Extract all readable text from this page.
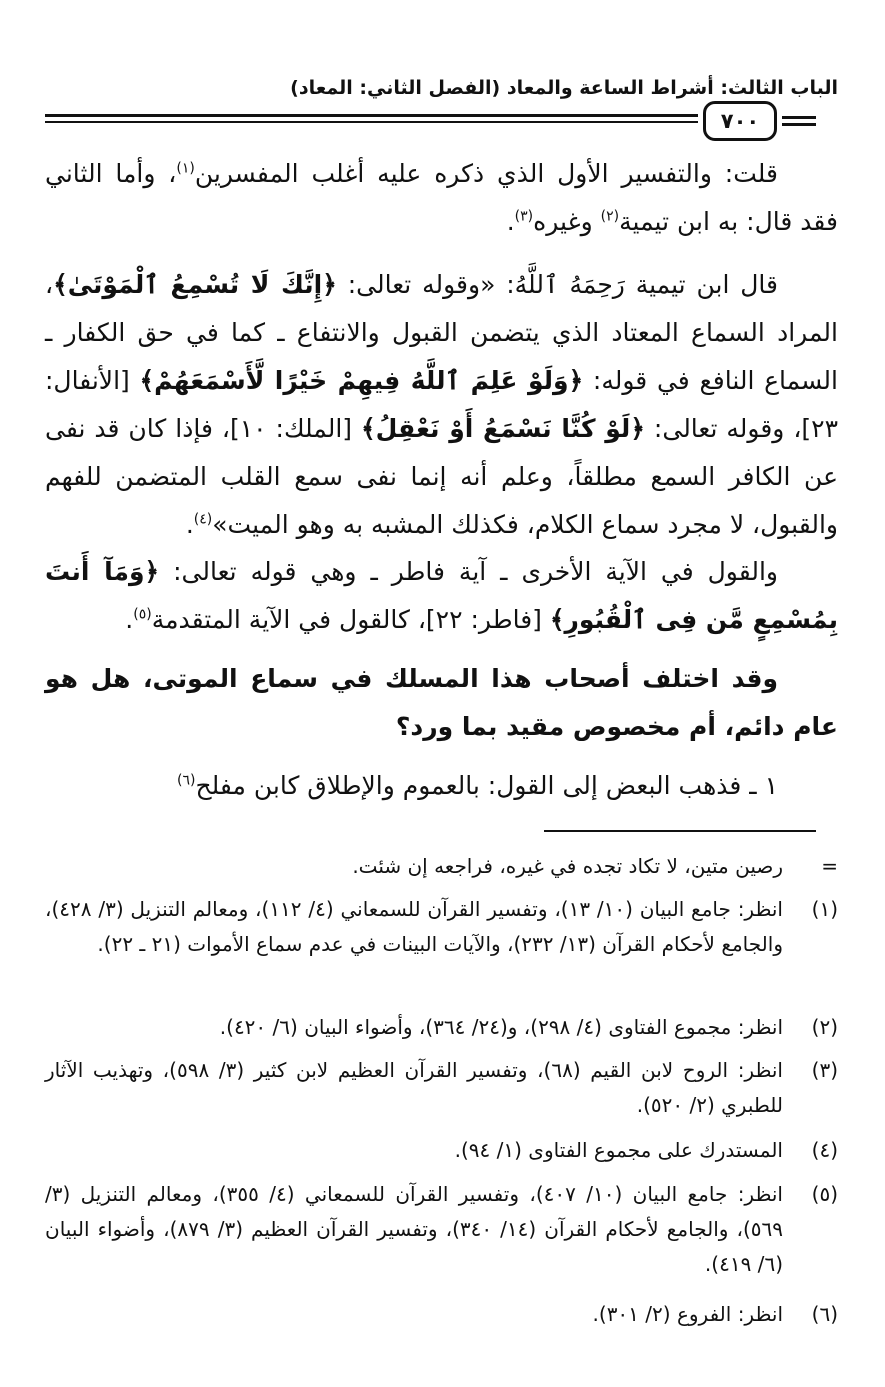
الباب الثالث: أشراط الساعة والمعاد (الفصل الثاني: المعاد)
٧٠٠
قلت: والتفسير الأول الذي ذكره عليه أغلب المفسرين$^{(١)}$، وأما الثاني فقد قال: به ابن تيمية$^{(٢)}$ وغيره$^{(٣)}$.
قال ابن تيمية رَحِمَهُ ٱللَّهُ: «وقوله تعالى: ﴿إِنَّكَ لَا تُسْمِعُ ٱلْمَوْتَىٰ﴾، المراد السماع المعتاد الذي يتضمن القبول والانتفاع ـ كما في حق الكفار ـ السماع النافع في قوله: ﴿وَلَوْ عَلِمَ ٱللَّهُ فِيهِمْ خَيْرًا لَّأَسْمَعَهُمْ﴾ [الأنفال: ٢٣]، وقوله تعالى: ﴿لَوْ كُنَّا نَسْمَعُ أَوْ نَعْقِلُ﴾ [الملك: ١٠]، فإذا كان قد نفى عن الكافر السمع مطلقاً، وعلم أنه إنما نفى سمع القلب المتضمن للفهم والقبول، لا مجرد سماع الكلام، فكذلك المشبه به وهو الميت»$^{(٤)}$.
والقول في الآية الأخرى ـ آية فاطر ـ وهي قوله تعالى: ﴿وَمَآ أَنتَ بِمُسْمِعٍ مَّن فِى ٱلْقُبُورِ﴾ [فاطر: ٢٢]، كالقول في الآية المتقدمة$^{(٥)}$.
وقد اختلف أصحاب هذا المسلك في سماع الموتى، هل هو عام دائم، أم مخصوص مقيد بما ورد؟
١ ـ فذهب البعض إلى القول: بالعموم والإطلاق كابن مفلح$^{(٦)}$
=
رصين متين، لا تكاد تجده في غيره، فراجعه إن شئت.
(١)
انظر: جامع البيان (١٠/ ١٣)، وتفسير القرآن للسمعاني (٤/ ١١٢)، ومعالم التنزيل (٣/ ٤٢٨)، والجامع لأحكام القرآن (١٣/ ٢٣٢)، والآيات البينات في عدم سماع الأموات (٢١ ـ ٢٢).
(٢)
انظر: مجموع الفتاوى (٤/ ٢٩٨)، و(٢٤/ ٣٦٤)، وأضواء البيان (٦/ ٤٢٠).
(٣)
انظر: الروح لابن القيم (٦٨)، وتفسير القرآن العظيم لابن كثير (٣/ ٥٩٨)، وتهذيب الآثار للطبري (٢/ ٥٢٠).
(٤)
المستدرك على مجموع الفتاوى (١/ ٩٤).
(٥)
انظر: جامع البيان (١٠/ ٤٠٧)، وتفسير القرآن للسمعاني (٤/ ٣٥٥)، ومعالم التنزيل (٣/ ٥٦٩)، والجامع لأحكام القرآن (١٤/ ٣٤٠)، وتفسير القرآن العظيم (٣/ ٨٧٩)، وأضواء البيان (٦/ ٤١٩).
(٦)
انظر: الفروع (٢/ ٣٠١).
